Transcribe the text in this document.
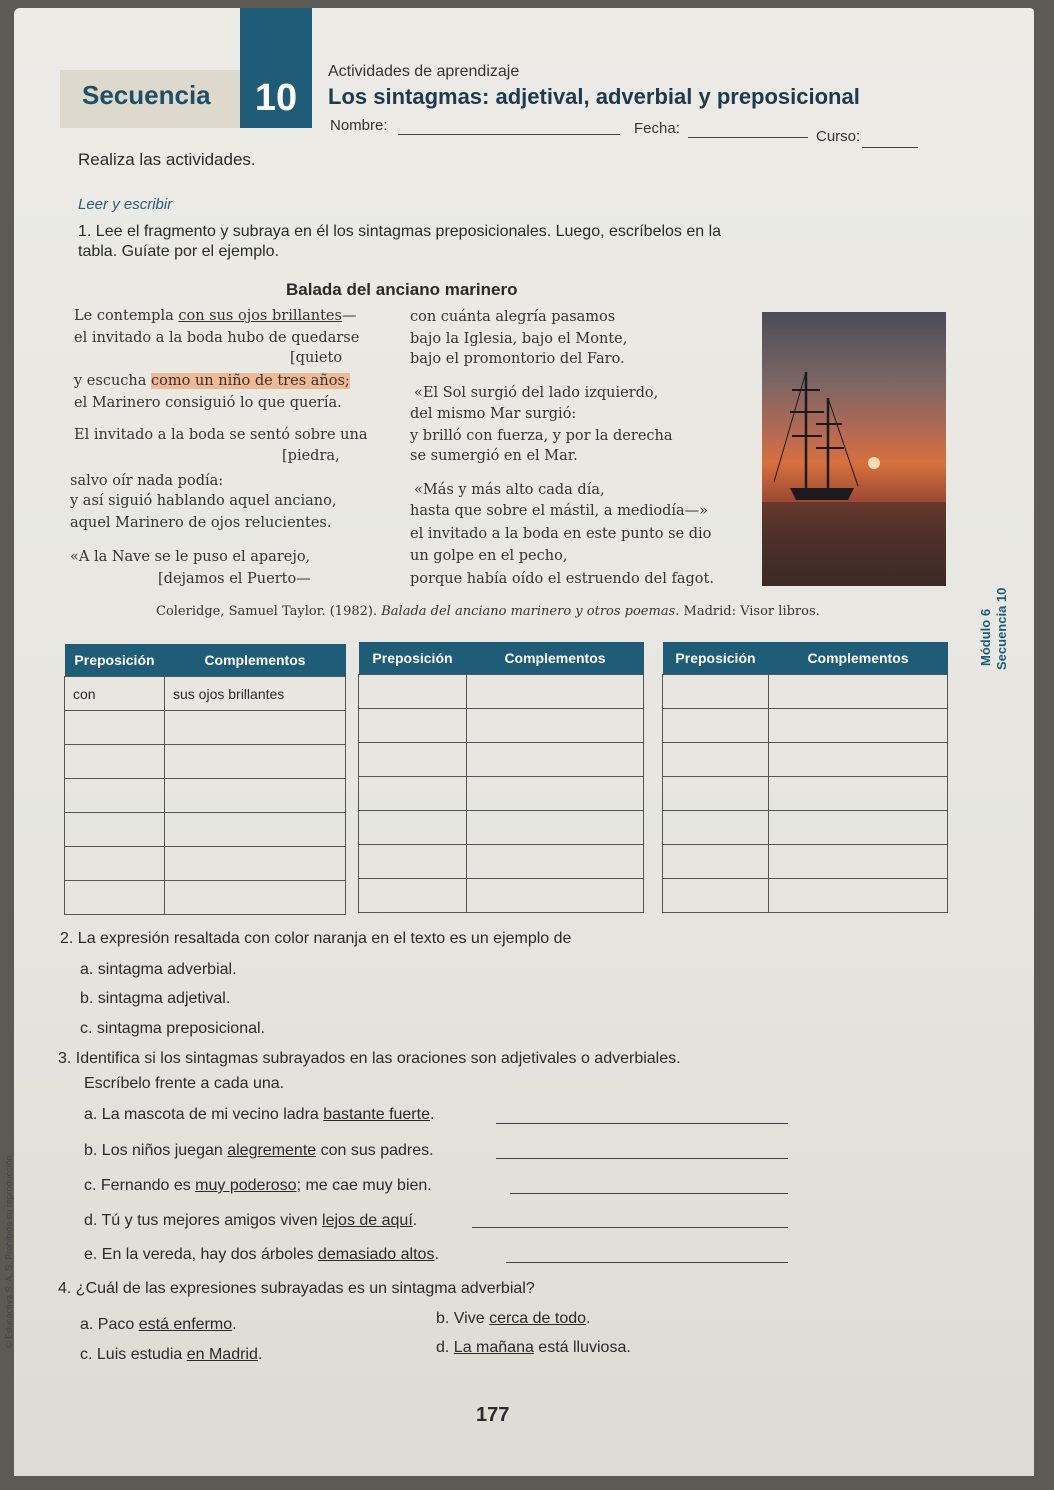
Secuencia	10
Actividades de aprendizaje
Los sintagmas: adjetival, adverbial y preposicional
Nombre:	Fecha:	Curso:
Realiza las actividades.
Leer y escribir
1. Lee el fragmento y subraya en él los sintagmas preposicionales. Luego, escríbelos en la tabla. Guíate por el ejemplo.
Balada del anciano marinero
Le contempla con sus ojos brillantes—
el invitado a la boda hubo de quedarse
[quieto
y escucha como un niño de tres años;
el Marinero consiguió lo que quería.
El invitado a la boda se sentó sobre una
[piedra,
salvo oír nada podía:
y así siguió hablando aquel anciano,
aquel Marinero de ojos relucientes.
«A la Nave se le puso el aparejo,
[dejamos el Puerto—
con cuánta alegría pasamos
bajo la Iglesia, bajo el Monte,
bajo el promontorio del Faro.
«El Sol surgió del lado izquierdo,
del mismo Mar surgió:
y brilló con fuerza, y por la derecha
se sumergió en el Mar.
«Más y más alto cada día,
hasta que sobre el mástil, a mediodía—»
el invitado a la boda en este punto se dio
un golpe en el pecho,
porque había oído el estruendo del fagot.
Coleridge, Samuel Taylor. (1982). Balada del anciano marinero y otros poemas. Madrid: Visor libros.
Preposición	Complementos
con	sus ojos brillantes

Preposición	Complementos

		Preposición	Complementos

		Módulo 6 Secuencia 10
2. La expresión resaltada con color naranja en el texto es un ejemplo de
a. sintagma adverbial.
b. sintagma adjetival.
c. sintagma preposicional.
3. Identifica si los sintagmas subrayados en las oraciones son adjetivales o adverbiales.
Escríbelo frente a cada una.
a. La mascota de mi vecino ladra bastante fuerte.
b. Los niños juegan alegremente con sus padres.
c. Fernando es muy poderoso; me cae muy bien.
d. Tú y tus mejores amigos viven lejos de aquí.
e. En la vereda, hay dos árboles demasiado altos.
4. ¿Cuál de las expresiones subrayadas es un sintagma adverbial?
a. Paco está enfermo.	b. Vive cerca de todo.
c. Luis estudia en Madrid.	d. La mañana está lluviosa.
177
© Educactiva S. A. S. Prohibida su reproducción
